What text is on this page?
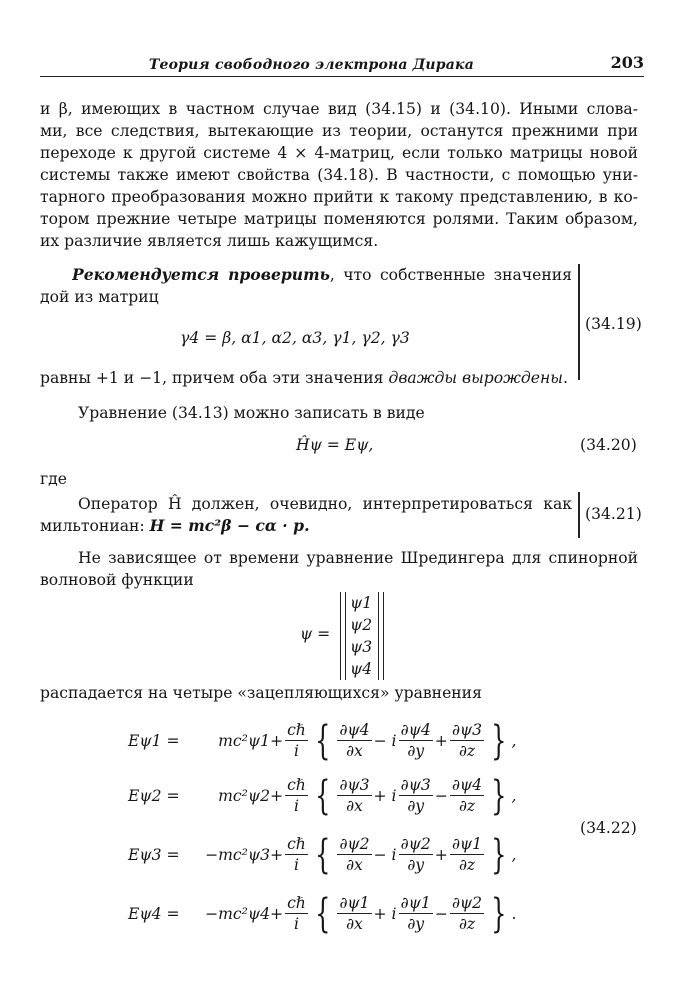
Теория свободного электрона Дирака	203
и β, имеющих в частном случае вид (34.15) и (34.10). Иными слова-
ми, все следствия, вытекающие из теории, останутся прежними при
переходе к другой системе 4 × 4-матриц, если только матрицы новой
системы также имеют свойства (34.18). В частности, с помощью уни-
тарного преобразования можно прийти к такому представлению, в ко-
тором прежние четыре матрицы поменяются ролями. Таким образом,
их различие является лишь кажущимся.
Рекомендуется проверить, что собственные значения
дой из матриц
γ4 = β, α1, α2, α3, γ1, γ2, γ3
равны +1 и −1, причем оба эти значения дважды вырождены.
(34.19)
Уравнение (34.13) можно записать в виде
Ĥψ = Eψ,	(34.20)
где
Оператор Ĥ должен, очевидно, интерпретироваться как
мильтониан: H = mc²β − cα · p.
(34.21)
Не зависящее от времени уравнение Шредингера для спинорной
волновой функции
ψ =
ψ1
ψ2
ψ3
ψ4
распадается на четыре «зацепляющихся» уравнения
Eψ1 =	$mc^2\psi 1 + \frac{\text{cℏ}}{i}$ { $\frac{\partial\psi 4}{\partial x} - i \frac{\partial\psi 4}{\partial y} + \frac{\partial\psi 3}{\partial z}$ } ,
Eψ2 =	$mc^2\psi 2 + \frac{\text{cℏ}}{i}$ { $\frac{\partial\psi 3}{\partial x} + i \frac{\partial\psi 3}{\partial y} - \frac{\partial\psi 4}{\partial z}$ } ,
Eψ3 =	$-mc^2\psi 3 + \frac{\text{cℏ}}{i}$ { $\frac{\partial\psi 2}{\partial x} - i \frac{\partial\psi 2}{\partial y} + \frac{\partial\psi 1}{\partial z}$ } ,
Eψ4 =	$-mc^2\psi 4 + \frac{\text{cℏ}}{i}$ { $\frac{\partial\psi 1}{\partial x} + i \frac{\partial\psi 1}{\partial y} - \frac{\partial\psi 2}{\partial z}$ } .
(34.22)
